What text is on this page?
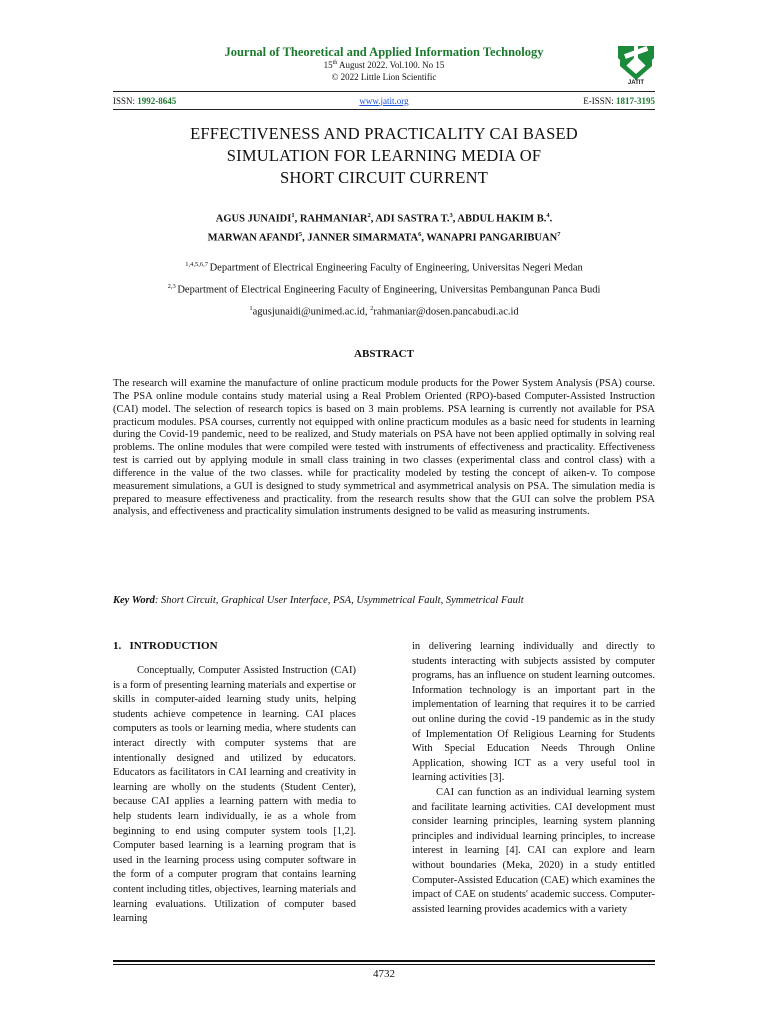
Journal of Theoretical and Applied Information Technology
15th August 2022. Vol.100. No 15
© 2022 Little Lion Scientific
JATIT
ISSN: 1992-8645	www.jatit.org	E-ISSN: 1817-3195
EFFECTIVENESS AND PRACTICALITY CAI BASED
SIMULATION FOR LEARNING MEDIA OF
SHORT CIRCUIT CURRENT
AGUS JUNAIDI$^1$, RAHMANIAR$^2$, ADI SASTRA T.$^3$, ABDUL HAKIM B.$^4$.
MARWAN AFANDI$^5$, JANNER SIMARMATA$^6$, WANAPRI PANGARIBUAN$^7$
$^{1,4,5,6,7}$ Department of Electrical Engineering Faculty of Engineering, Universitas Negeri Medan
$^{2,3}$ Department of Electrical Engineering Faculty of Engineering, Universitas Pembangunan Panca Budi
$^1$agusjunaidi@unimed.ac.id, $^2$rahmaniar@dosen.pancabudi.ac.id
ABSTRACT
The research will examine the manufacture of online practicum module products for the Power System Analysis (PSA) course. The PSA online module contains study material using a Real Problem Oriented (RPO)-based Computer-Assisted Instruction (CAI) model. The selection of research topics is based on 3 main problems. PSA learning is currently not available for PSA practicum modules. PSA courses, currently not equipped with online practicum modules as a basic need for students in learning during the Covid-19 pandemic, need to be realized, and Study materials on PSA have not been applied optimally in solving real problems. The online modules that were compiled were tested with instruments of effectiveness and practicality. Effectiveness test is carried out by applying module in small class training in two classes (experimental class and control class) with a difference in the value of the two classes. while for practicality modeled by testing the concept of aiken-v. To compose measurement simulations, a GUI is designed to study symmetrical and asymmetrical analysis on PSA. The simulation media is prepared to measure effectiveness and practicality. from the research results show that the GUI can solve the problem PSA analysis, and effectiveness and practicality simulation instruments designed to be valid as measuring instruments.
Key Word: Short Circuit, Graphical User Interface, PSA, Usymmetrical Fault, Symmetrical Fault
1.   INTRODUCTION

Conceptually, Computer Assisted Instruction (CAI) is a form of presenting learning materials and expertise or skills in computer-aided learning study units, helping students achieve competence in learning. CAI places computers as tools or learning media, where students can interact directly with computer systems that are intentionally designed and utilized by educators. Educators as facilitators in CAI learning and creativity in learning are wholly on the students (Student Center), because CAI applies a learning pattern with media to help students learn individually, ie as a whole from beginning to end using computer system tools [1,2]. Computer based learning is a learning program that is used in the learning process using computer software in the form of a computer program that contains learning content including titles, objectives, learning materials and learning evaluations. Utilization of computer based learning

in delivering learning individually and directly to students interacting with subjects assisted by computer programs, has an influence on student learning outcomes. Information technology is an important part in the implementation of learning that requires it to be carried out online during the covid -19 pandemic as in the study of Implementation Of Religious Learning for Students With Special Education Needs Through Online Application, showing ICT as a very useful tool in learning activities [3].

CAI can function as an individual learning system and facilitate learning activities. CAI development must consider learning principles, learning system planning principles and individual learning principles, to increase interest in learning [4]. CAI can explore and learn without boundaries (Meka, 2020) in a study entitled Computer-Assisted Education (CAE) which examines the impact of CAE on students' academic success. Computer-assisted learning provides academics with a variety

4732
